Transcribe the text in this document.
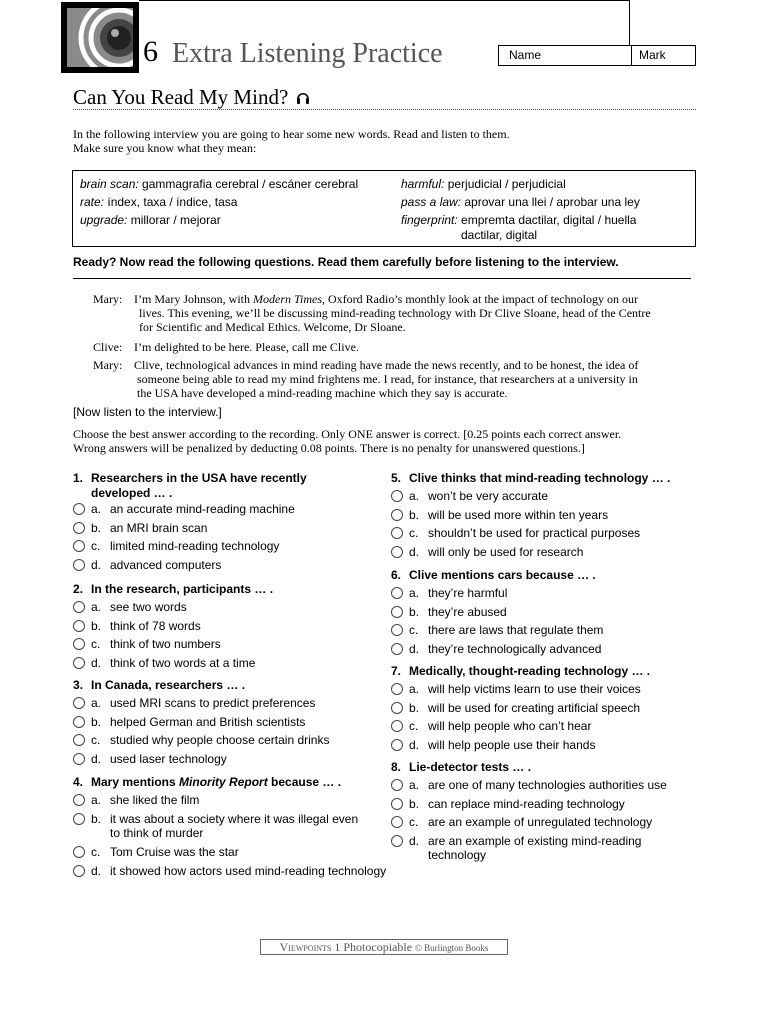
6 Extra Listening Practice	Name	Mark
Can You Read My Mind?
In the following interview you are going to hear some new words. Read and listen to them.
Make sure you know what they mean:
brain scan: gammagrafia cerebral / escáner cerebral
rate: índex, taxa / índice, tasa
upgrade: millorar / mejorar
harmful: perjudicial / perjudicial
pass a law: aprovar una llei / aprobar una ley
fingerprint: empremta dactilar, digital / huella
dactilar, digital
Ready? Now read the following questions. Read them carefully before listening to the interview.
Mary: I’m Mary Johnson, with Modern Times, Oxford Radio’s monthly look at the impact of technology on our
lives. This evening, we’ll be discussing mind-reading technology with Dr Clive Sloane, head of the Centre
for Scientific and Medical Ethics. Welcome, Dr Sloane.
Clive: I’m delighted to be here. Please, call me Clive.
Mary: Clive, technological advances in mind reading have made the news recently, and to be honest, the idea of
someone being able to read my mind frightens me. I read, for instance, that researchers at a university in
the USA have developed a mind-reading machine which they say is accurate.
[Now listen to the interview.]
Choose the best answer according to the recording. Only ONE answer is correct. [0.25 points each correct answer.
Wrong answers will be penalized by deducting 0.08 points. There is no penalty for unanswered questions.]
1. Researchers in the USA have recently
developed … .
a. an accurate mind-reading machine
b. an MRI brain scan
c. limited mind-reading technology
d. advanced computers
2. In the research, participants … .
a. see two words
b. think of 78 words
c. think of two numbers
d. think of two words at a time
3. In Canada, researchers … .
a. used MRI scans to predict preferences
b. helped German and British scientists
c. studied why people choose certain drinks
d. used laser technology
4. Mary mentions Minority Report because … .
a. she liked the film
b. it was about a society where it was illegal even
to think of murder
c. Tom Cruise was the star
d. it showed how actors used mind-reading technology
5. Clive thinks that mind-reading technology … .
a. won’t be very accurate
b. will be used more within ten years
c. shouldn’t be used for practical purposes
d. will only be used for research
6. Clive mentions cars because … .
a. they’re harmful
b. they’re abused
c. there are laws that regulate them
d. they’re technologically advanced
7. Medically, thought-reading technology … .
a. will help victims learn to use their voices
b. will be used for creating artificial speech
c. will help people who can’t hear
d. will help people use their hands
8. Lie-detector tests … .
a. are one of many technologies authorities use
b. can replace mind-reading technology
c. are an example of unregulated technology
d. are an example of existing mind-reading
technology
Viewpoints 1 Photocopiable © Burlington Books
